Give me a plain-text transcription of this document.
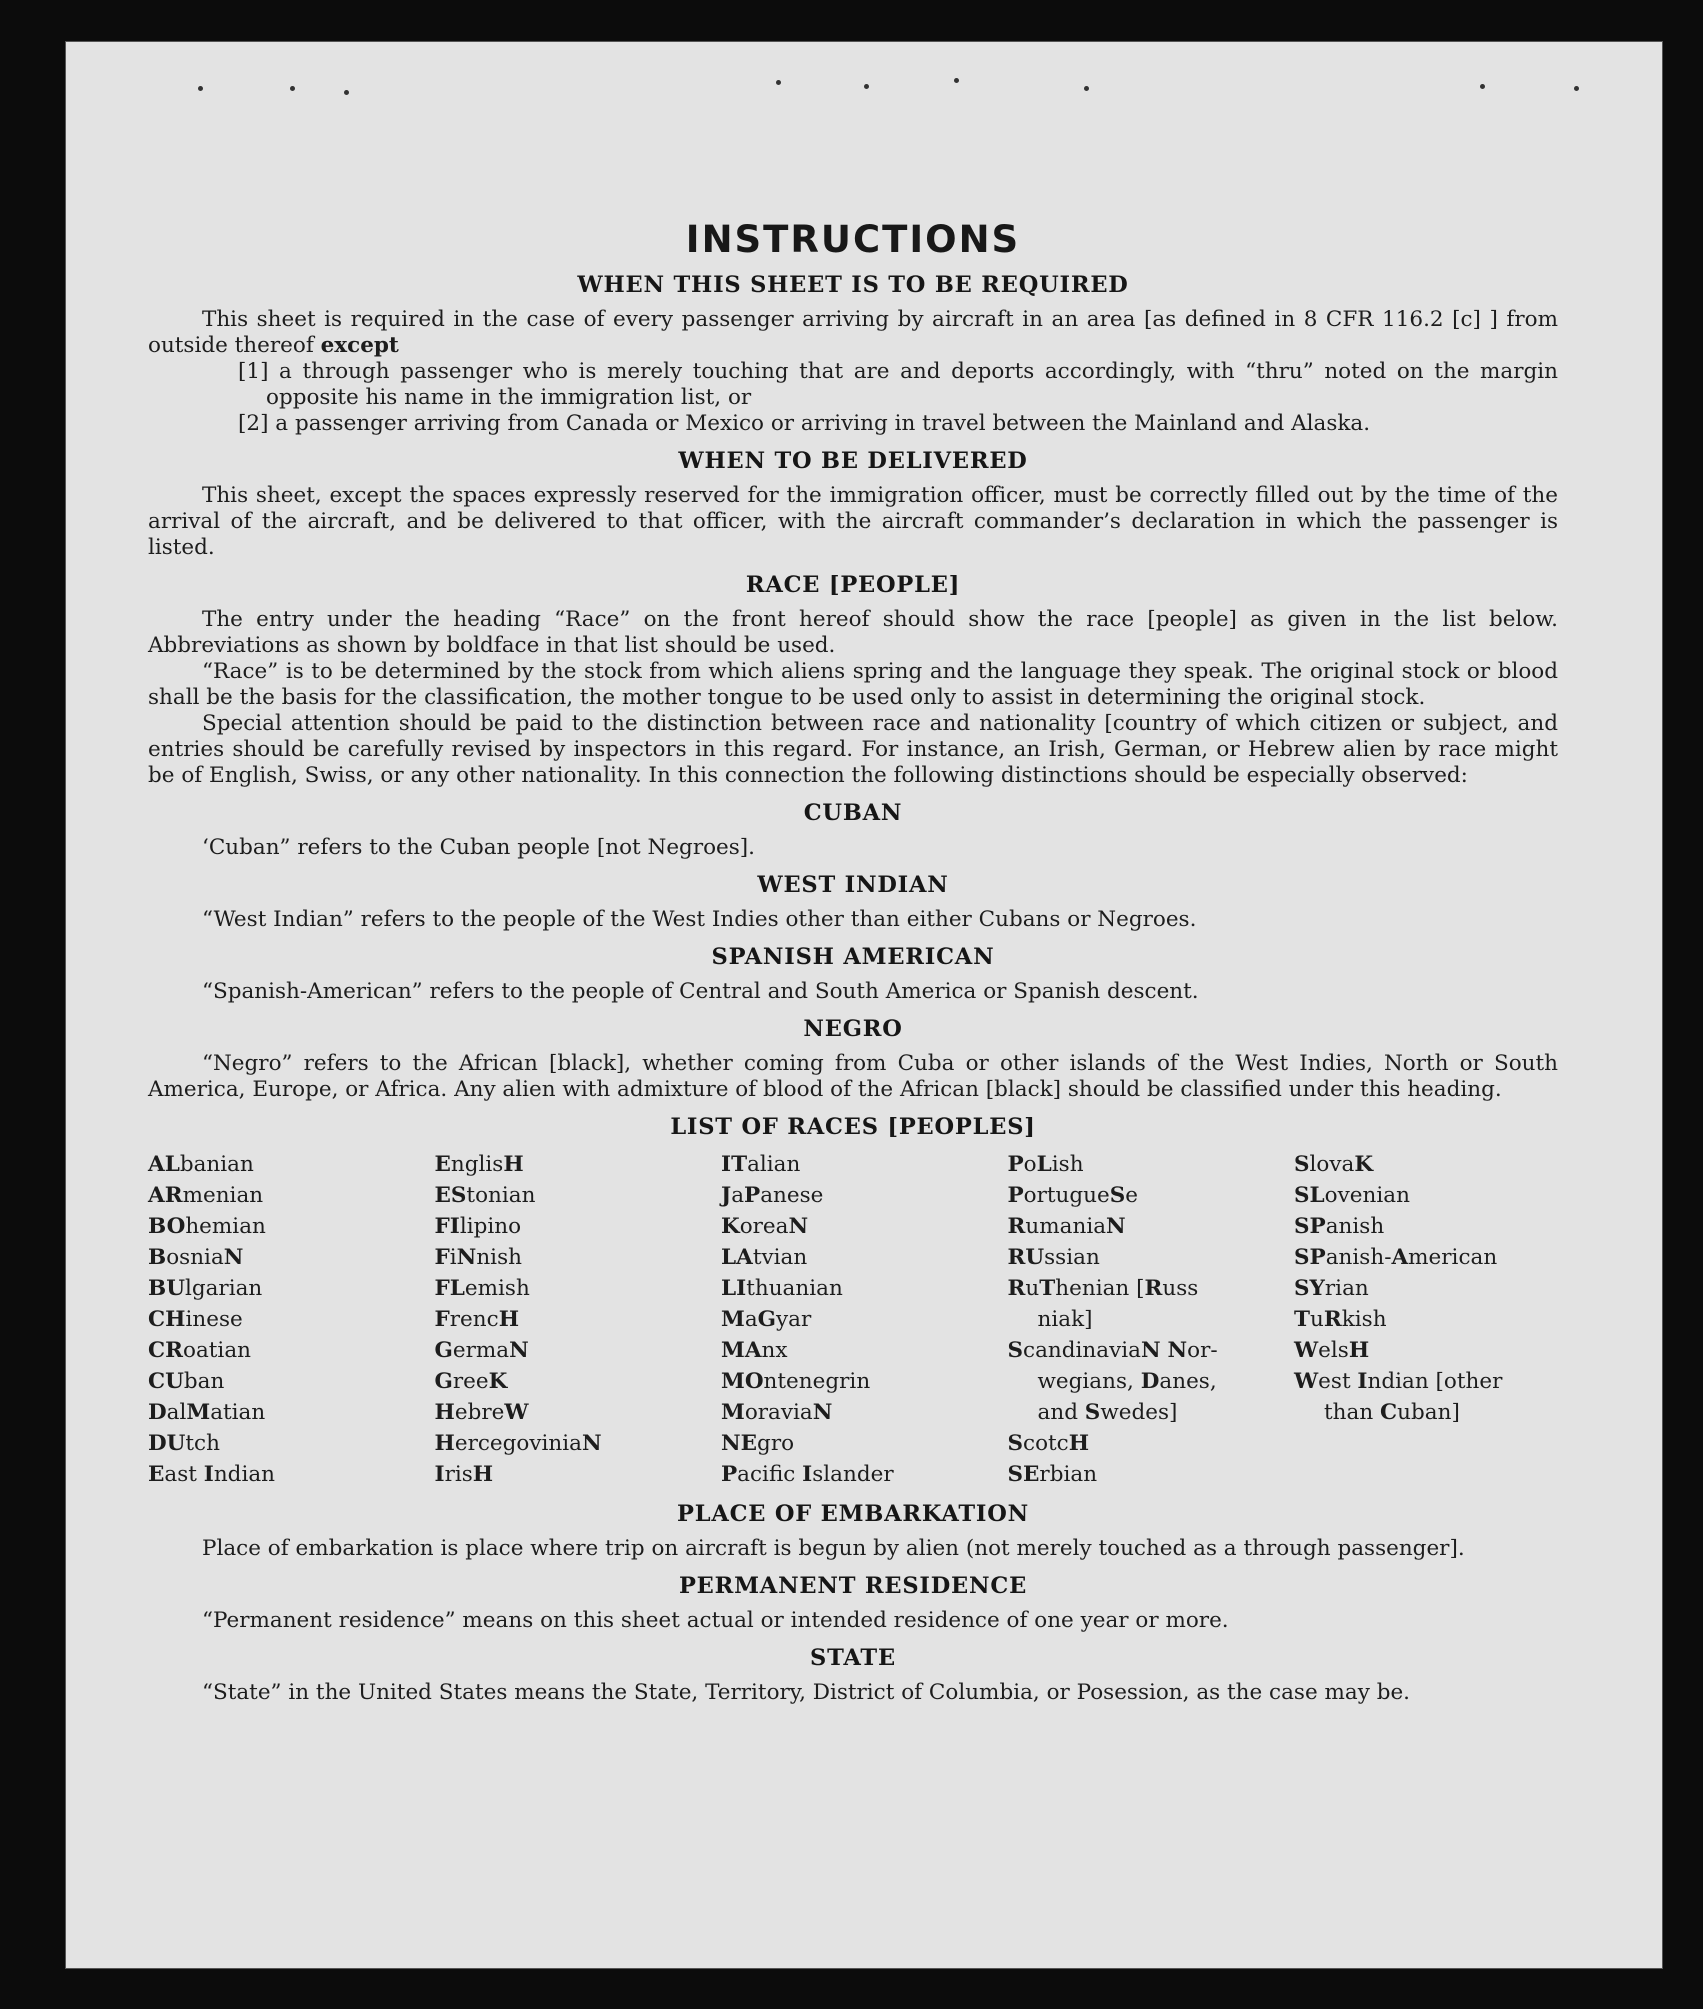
INSTRUCTIONS
WHEN THIS SHEET IS TO BE REQUIRED

This sheet is required in the case of every passenger arriving by aircraft in an area [as defined in 8 CFR 116.2 [c] ] from outside thereof except

[1] a through passenger who is merely touching that are and deports accordingly, with “thru” noted on the margin opposite his name in the immigration list, or

[2] a passenger arriving from Canada or Mexico or arriving in travel between the Mainland and Alaska.

WHEN TO BE DELIVERED

This sheet, except the spaces expressly reserved for the immigration officer, must be correctly filled out by the time of the arrival of the aircraft, and be delivered to that officer, with the aircraft commander’s declaration in which the passenger is listed.

RACE [PEOPLE]

The entry under the heading “Race” on the front hereof should show the race [people] as given in the list below. Abbreviations as shown by boldface in that list should be used.

“Race” is to be determined by the stock from which aliens spring and the language they speak. The original stock or blood shall be the basis for the classification, the mother tongue to be used only to assist in determining the original stock.

Special attention should be paid to the distinction between race and nationality [country of which citizen or subject, and entries should be carefully revised by inspectors in this regard. For instance, an Irish, German, or Hebrew alien by race might be of English, Swiss, or any other nationality. In this connection the following distinctions should be especially observed:

CUBAN

‘Cuban” refers to the Cuban people [not Negroes].

WEST INDIAN

“West Indian” refers to the people of the West Indies other than either Cubans or Negroes.

SPANISH AMERICAN

“Spanish-American” refers to the people of Central and South America or Spanish descent.

NEGRO

“Negro” refers to the African [black], whether coming from Cuba or other islands of the West Indies, North or South America, Europe, or Africa. Any alien with admixture of blood of the African [black] should be classified under this heading.

LIST OF RACES [PEOPLES]
ALbanian
ARmenian
BOhemian
BosniaN
BUlgarian
CHinese
CRoatian
CUban
DalMatian
DUtch
East Indian
EnglisH
EStonian
FIlipino
FiNnish
FLemish
FrencH
GermaN
GreeK
HebreW
HercegoviniaN
IrisH
ITalian
JaPanese
KoreaN
LAtvian
LIthuanian
MaGyar
MAnx
MOntenegrin
MoraviaN
NEgro
Pacifc Islander
PoLish
PortugueSe
RumaniaN
RUssian
RuThenian [Russ
niak]
ScandinaviaN Nor-
wegians, Danes,
and Swedes]
ScotcH
SErbian
SlovaK
SLovenian
SPanish
SPanish-American
SYrian
TuRkish
WelsH
West Indian [other
than Cuban]
PLACE OF EMBARKATION

Place of embarkation is place where trip on aircraft is begun by alien (not merely touched as a through passenger].

PERMANENT RESIDENCE

“Permanent residence” means on this sheet actual or intended residence of one year or more.

STATE

“State” in the United States means the State, Territory, District of Columbia, or Posession, as the case may be.
